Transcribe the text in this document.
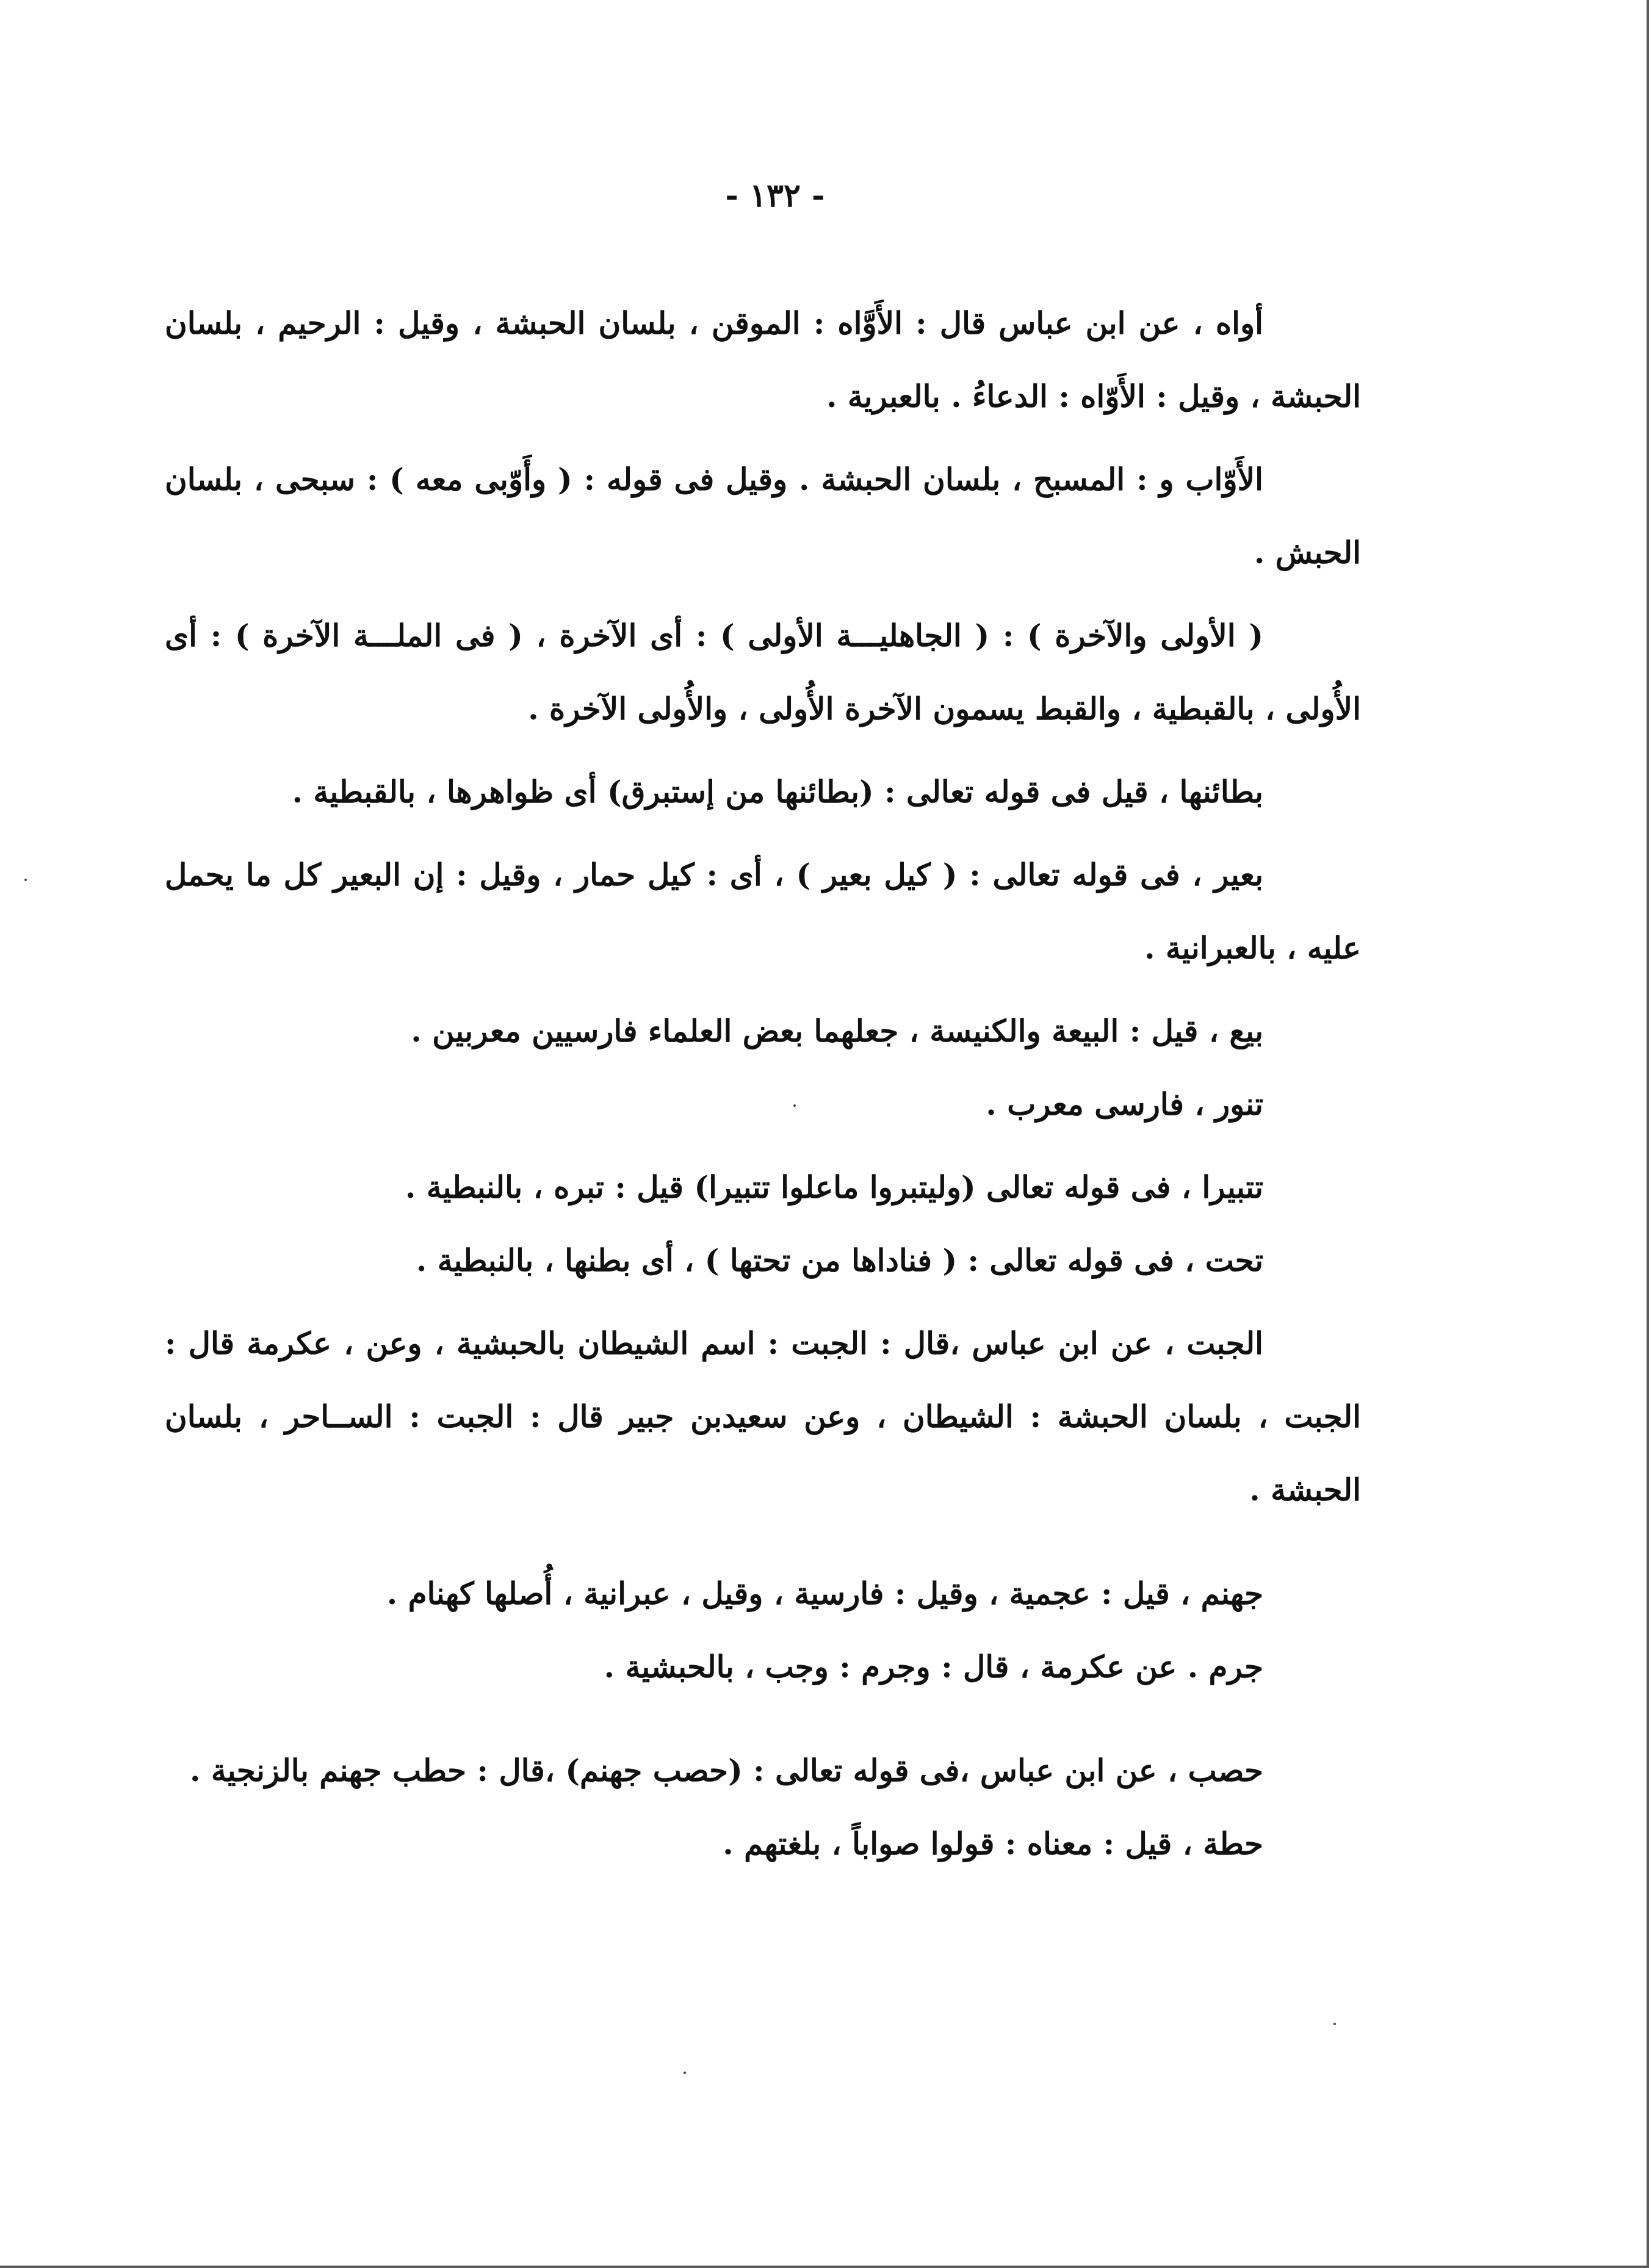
- ١٣٢ -

أواه ، عن ابن عباس قال : الأَوَّاه : الموقن ، بلسان الحبشة ، وقيل : الرحيم ، بلسان الحبشة ، وقيل : الأَوّاه : الدعاءُ . بالعبرية .

الأَوّاب و : المسبح ، بلسان الحبشة . وقيل فى قوله : ( وأَوّبى معه ) : سبحى ، بلسان الحبش .

( الأولى والآخرة ) : ( الجاهليـــة الأولى ) : أى الآخرة ، ( فى الملـــة الآخرة ) : أى الأُولى ، بالقبطية ، والقبط يسمون الآخرة الأُولى ، والأُولى الآخرة .

بطائنها ، قيل فى قوله تعالى : (بطائنها من إستبرق) أى ظواهرها ، بالقبطية .

بعير ، فى قوله تعالى : ( كيل بعير ) ، أى : كيل حمار ، وقيل : إن البعير كل ما يحمل عليه ، بالعبرانية .

بيع ، قيل : البيعة والكنيسة ، جعلهما بعض العلماء فارسيين معربين .

تنور ، فارسى معرب .

تتبيرا ، فى قوله تعالى (وليتبروا ماعلوا تتبيرا) قيل : تبره ، بالنبطية .

تحت ، فى قوله تعالى : ( فناداها من تحتها ) ، أى بطنها ، بالنبطية .

الجبت ، عن ابن عباس ،قال : الجبت : اسم الشيطان بالحبشية ، وعن ، عكرمة قال : الجبت ، بلسان الحبشة : الشيطان ، وعن سعيدبن جبير قال : الجبت : الســاحر ، بلسان الحبشة .

جهنم ، قيل : عجمية ، وقيل : فارسية ، وقيل ، عبرانية ، أُصلها كهنام .

جرم . عن عكرمة ، قال : وجرم : وجب ، بالحبشية .

حصب ، عن ابن عباس ،فى قوله تعالى : (حصب جهنم) ،قال : حطب جهنم بالزنجية .

حطة ، قيل : معناه : قولوا صواباً ، بلغتهم .
